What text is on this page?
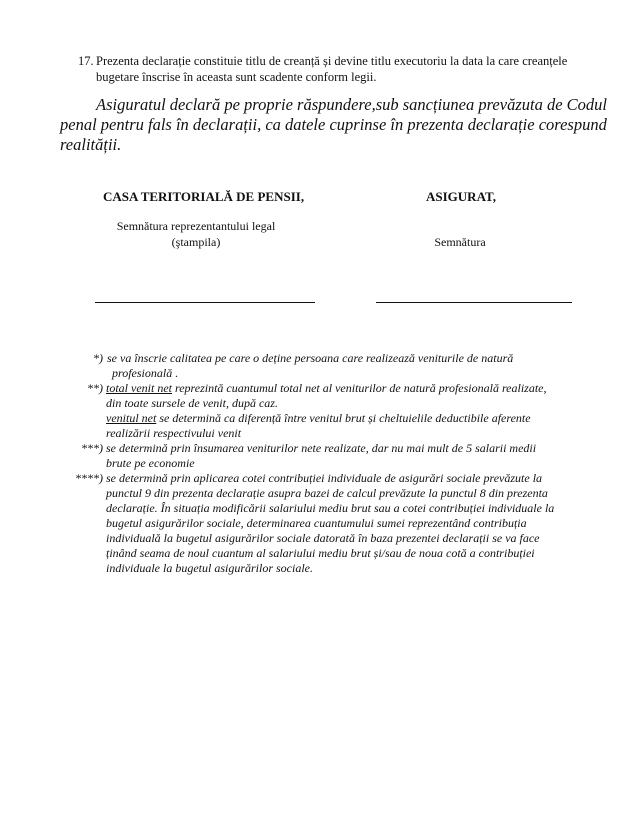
17. Prezenta declarație constituie titlu de creanță și devine titlu executoriu la data la care creanțele
bugetare înscrise în aceasta sunt scadente conform legii.
Asiguratul declară pe proprie răspundere,sub sancțiunea prevăzuta de Codul
penal pentru fals în declarații, ca datele cuprinse în prezenta declarație corespund
realității.
CASA TERITORIALĂ DE PENSII,
Semnătura reprezentantului legal
(ştampila)
ASIGURAT,
Semnătura
*) se va înscrie calitatea pe care o deține persoana care realizează veniturile de natură
profesională .
**) total venit net reprezintă cuantumul total net al veniturilor de natură profesională realizate,
din toate sursele de venit, după caz.
venitul net se determină ca diferență între venitul brut și cheltuielile deductibile aferente
realizării respectivului venit
***) se determină prin însumarea veniturilor nete realizate, dar nu mai mult de 5 salarii medii
brute pe economie
****) se determină prin aplicarea cotei contribuției individuale de asigurări sociale prevăzute la
punctul 9 din prezenta declarație asupra bazei de calcul prevăzute la punctul 8 din prezenta
declarație. În situația modificării salariului mediu brut sau a cotei contribuției individuale la
bugetul asigurărilor sociale, determinarea cuantumului sumei reprezentând contribuția
individuală la bugetul asigurărilor sociale datorată în baza prezentei declarații se va face
ținând seama de noul cuantum al salariului mediu brut și/sau de noua cotă a contribuției
individuale la bugetul asigurărilor sociale.
